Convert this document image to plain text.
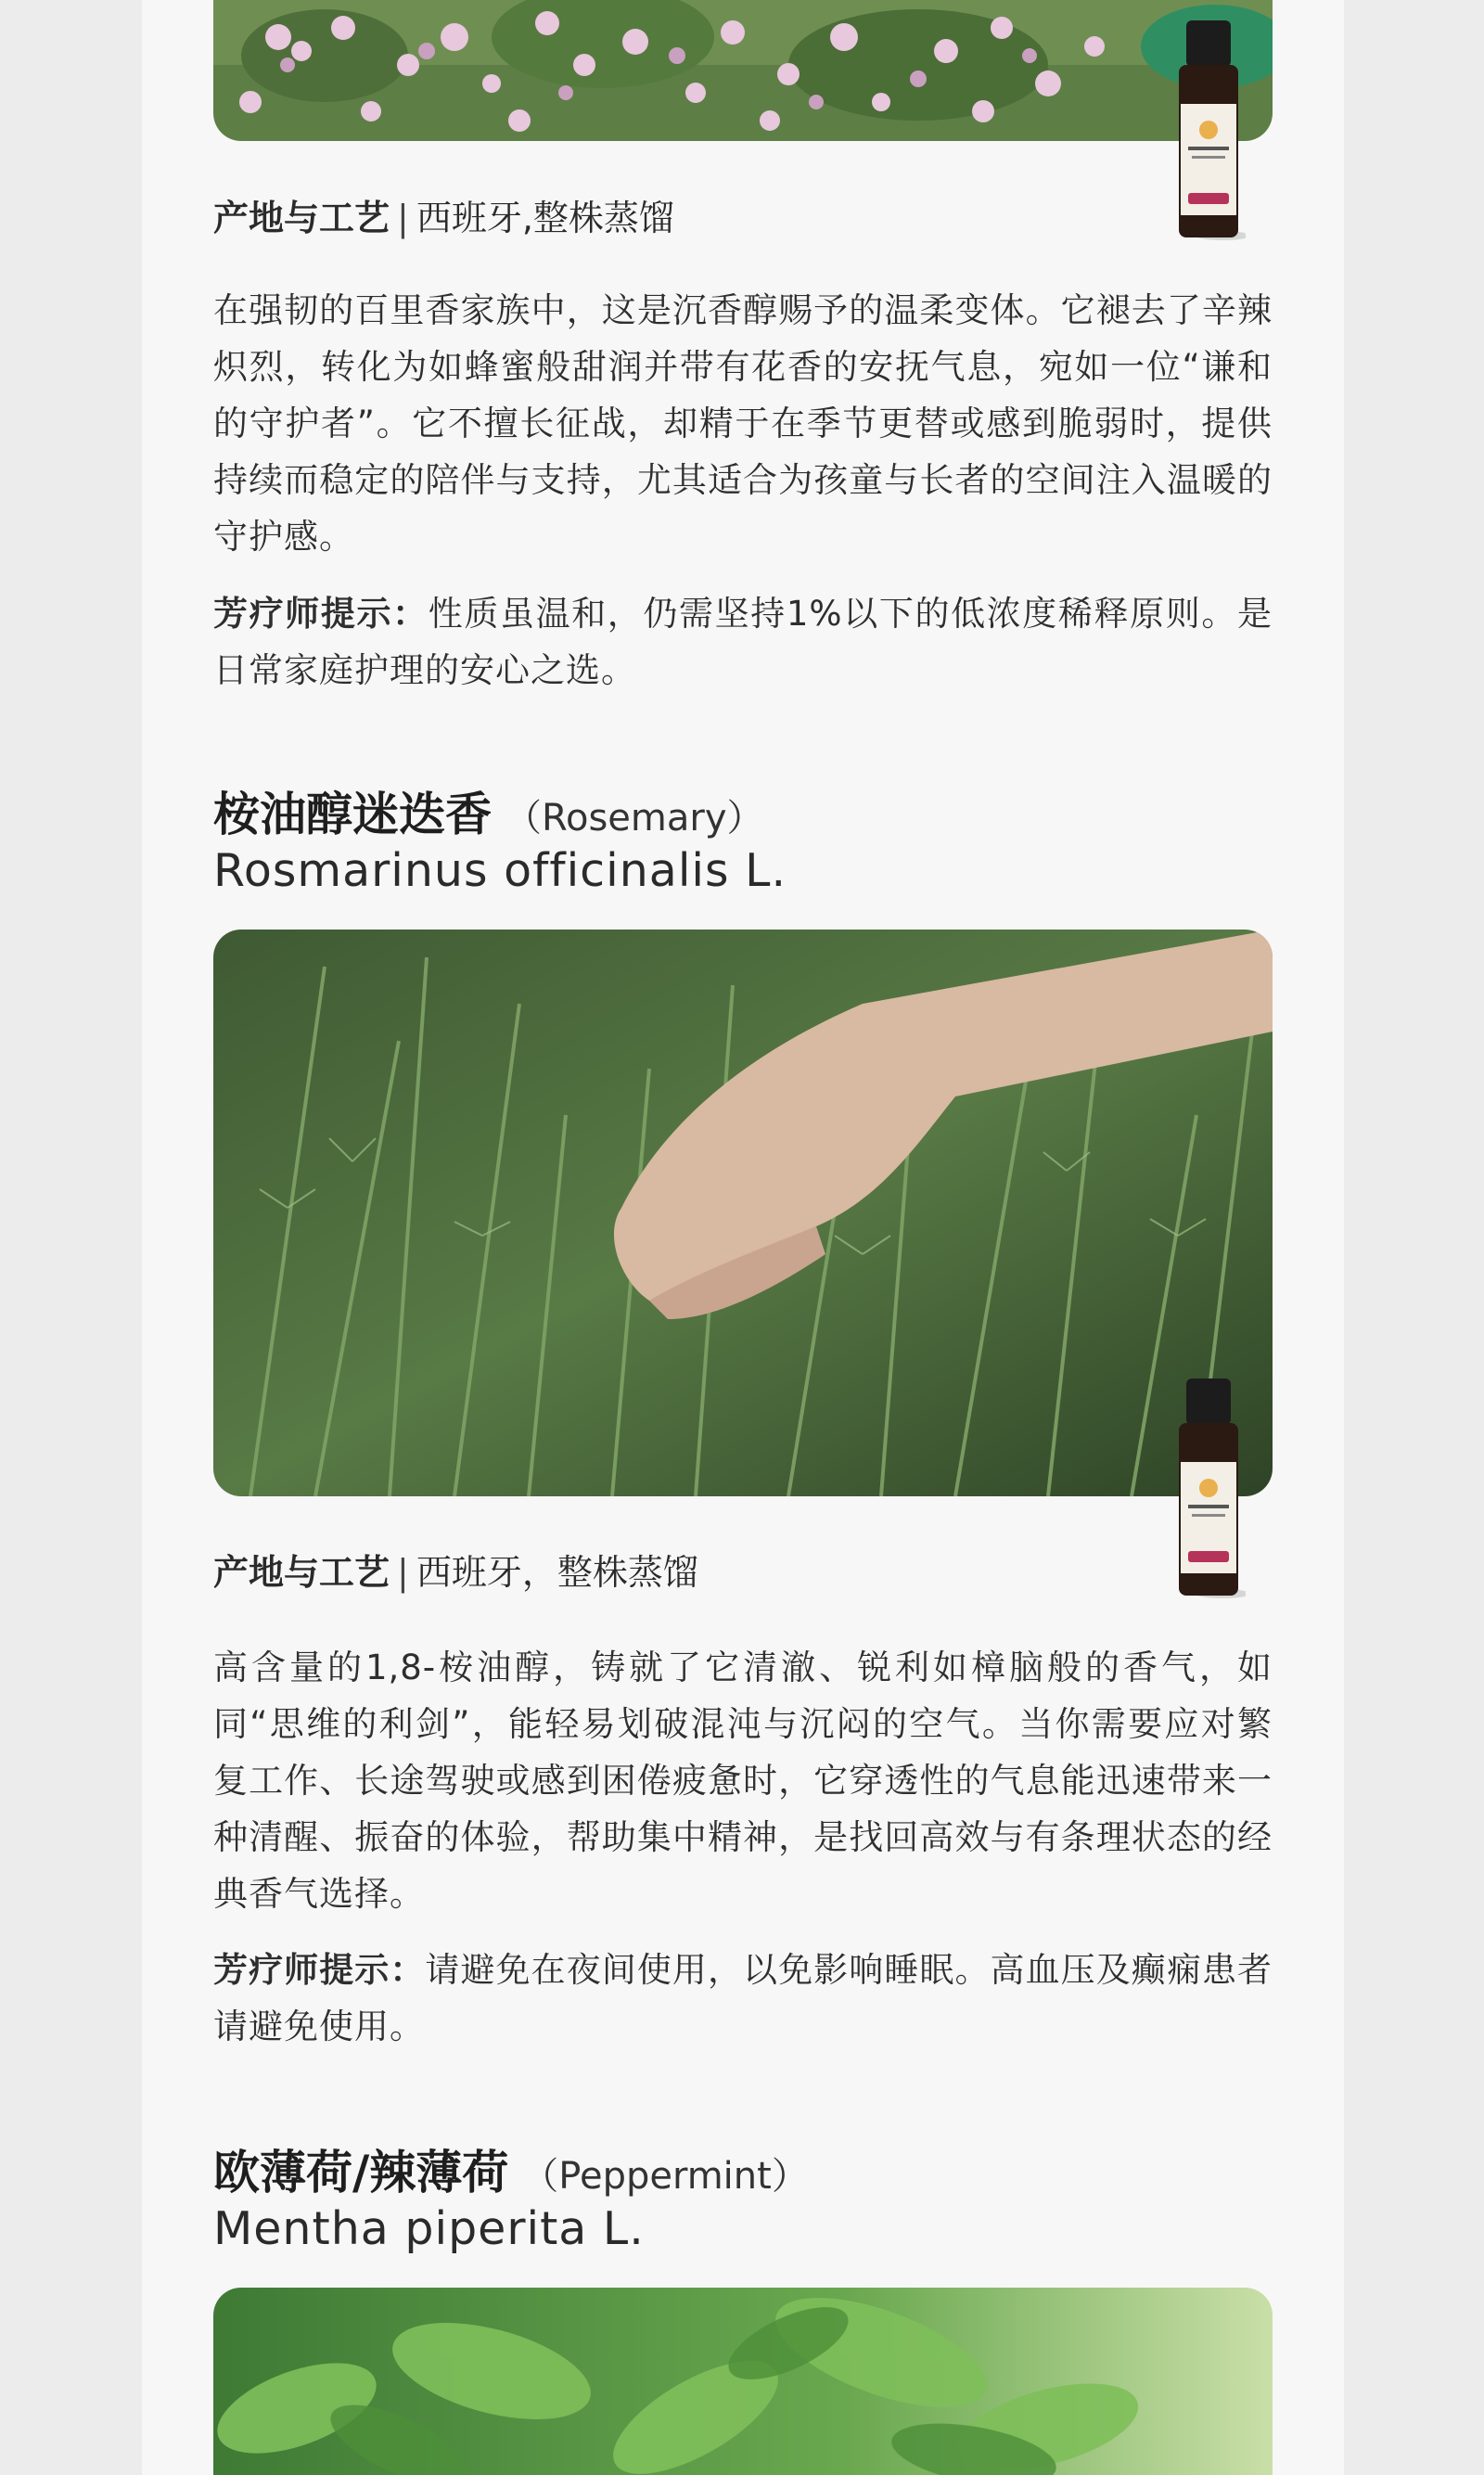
产地与工艺 | 西班牙,整株蒸馏
在强韧的百里香家族中，这是沉香醇赐予的温柔变体。它褪去了辛辣炽烈，转化为如蜂蜜般甜润并带有花香的安抚气息，宛如一位“谦和的守护者”。它不擅长征战，却精于在季节更替或感到脆弱时，提供持续而稳定的陪伴与支持，尤其适合为孩童与长者的空间注入温暖的守护感。
芳疗师提示：性质虽温和，仍需坚持1%以下的低浓度稀释原则。是日常家庭护理的安心之选。
桉油醇迷迭香 （Rosemary）
Rosmarinus officinalis L.
产地与工艺 | 西班牙，整株蒸馏
高含量的1,8-桉油醇，铸就了它清澈、锐利如樟脑般的香气，如同“思维的利剑”，能轻易划破混沌与沉闷的空气。当你需要应对繁复工作、长途驾驶或感到困倦疲惫时，它穿透性的气息能迅速带来一种清醒、振奋的体验，帮助集中精神，是找回高效与有条理状态的经典香气选择。
芳疗师提示：请避免在夜间使用，以免影响睡眠。高血压及癫痫患者请避免使用。
欧薄荷/辣薄荷 （Peppermint）
Mentha piperita L.
